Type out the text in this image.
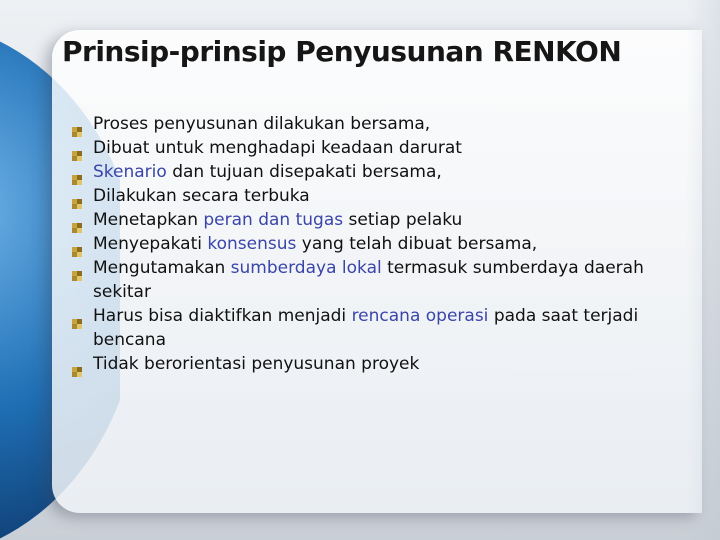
Prinsip-prinsip Penyusunan RENKON
Proses penyusunan dilakukan bersama,
Dibuat untuk menghadapi keadaan darurat
Skenario dan tujuan disepakati bersama,
Dilakukan secara terbuka
Menetapkan peran dan tugas setiap pelaku
Menyepakati konsensus yang telah dibuat bersama,
Mengutamakan sumberdaya lokal termasuk sumberdaya daerah sekitar
Harus bisa diaktifkan menjadi rencana operasi pada saat terjadi bencana
Tidak berorientasi penyusunan proyek
